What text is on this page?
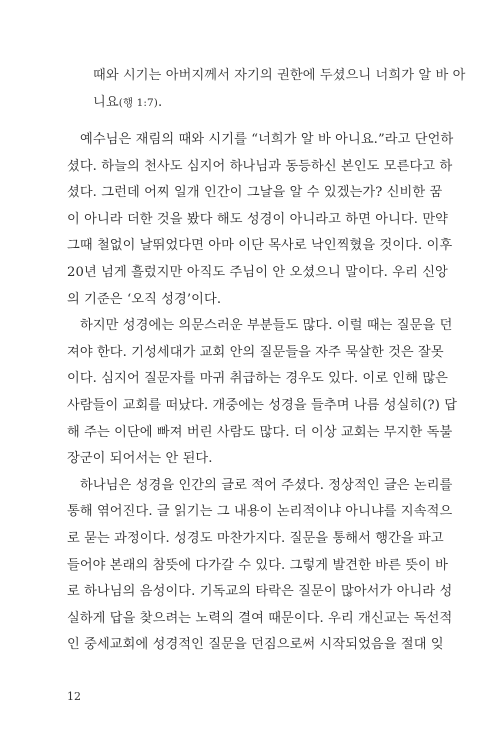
때와 시기는 아버지께서 자기의 권한에 두셨으니 너희가 알 바 아
니요(행 1:7).
예수님은 재림의 때와 시기를 “너희가 알 바 아니요.”라고 단언하
셨다. 하늘의 천사도 심지어 하나님과 동등하신 본인도 모른다고 하
셨다. 그런데 어찌 일개 인간이 그날을 알 수 있겠는가? 신비한 꿈
이 아니라 더한 것을 봤다 해도 성경이 아니라고 하면 아니다. 만약
그때 철없이 날뛰었다면 아마 이단 목사로 낙인찍혔을 것이다. 이후
20년 넘게 흘렀지만 아직도 주님이 안 오셨으니 말이다. 우리 신앙
의 기준은 ‘오직 성경’이다.
하지만 성경에는 의문스러운 부분들도 많다. 이럴 때는 질문을 던
져야 한다. 기성세대가 교회 안의 질문들을 자주 묵살한 것은 잘못
이다. 심지어 질문자를 마귀 취급하는 경우도 있다. 이로 인해 많은
사람들이 교회를 떠났다. 개중에는 성경을 들추며 나름 성실히(?) 답
해 주는 이단에 빠져 버린 사람도 많다. 더 이상 교회는 무지한 독불
장군이 되어서는 안 된다.
하나님은 성경을 인간의 글로 적어 주셨다. 정상적인 글은 논리를
통해 엮어진다. 글 읽기는 그 내용이 논리적이냐 아니냐를 지속적으
로 묻는 과정이다. 성경도 마찬가지다. 질문을 통해서 행간을 파고
들어야 본래의 참뜻에 다가갈 수 있다. 그렇게 발견한 바른 뜻이 바
로 하나님의 음성이다. 기독교의 타락은 질문이 많아서가 아니라 성
실하게 답을 찾으려는 노력의 결여 때문이다. 우리 개신교는 독선적
인 중세교회에 성경적인 질문을 던짐으로써 시작되었음을 절대 잊
12
